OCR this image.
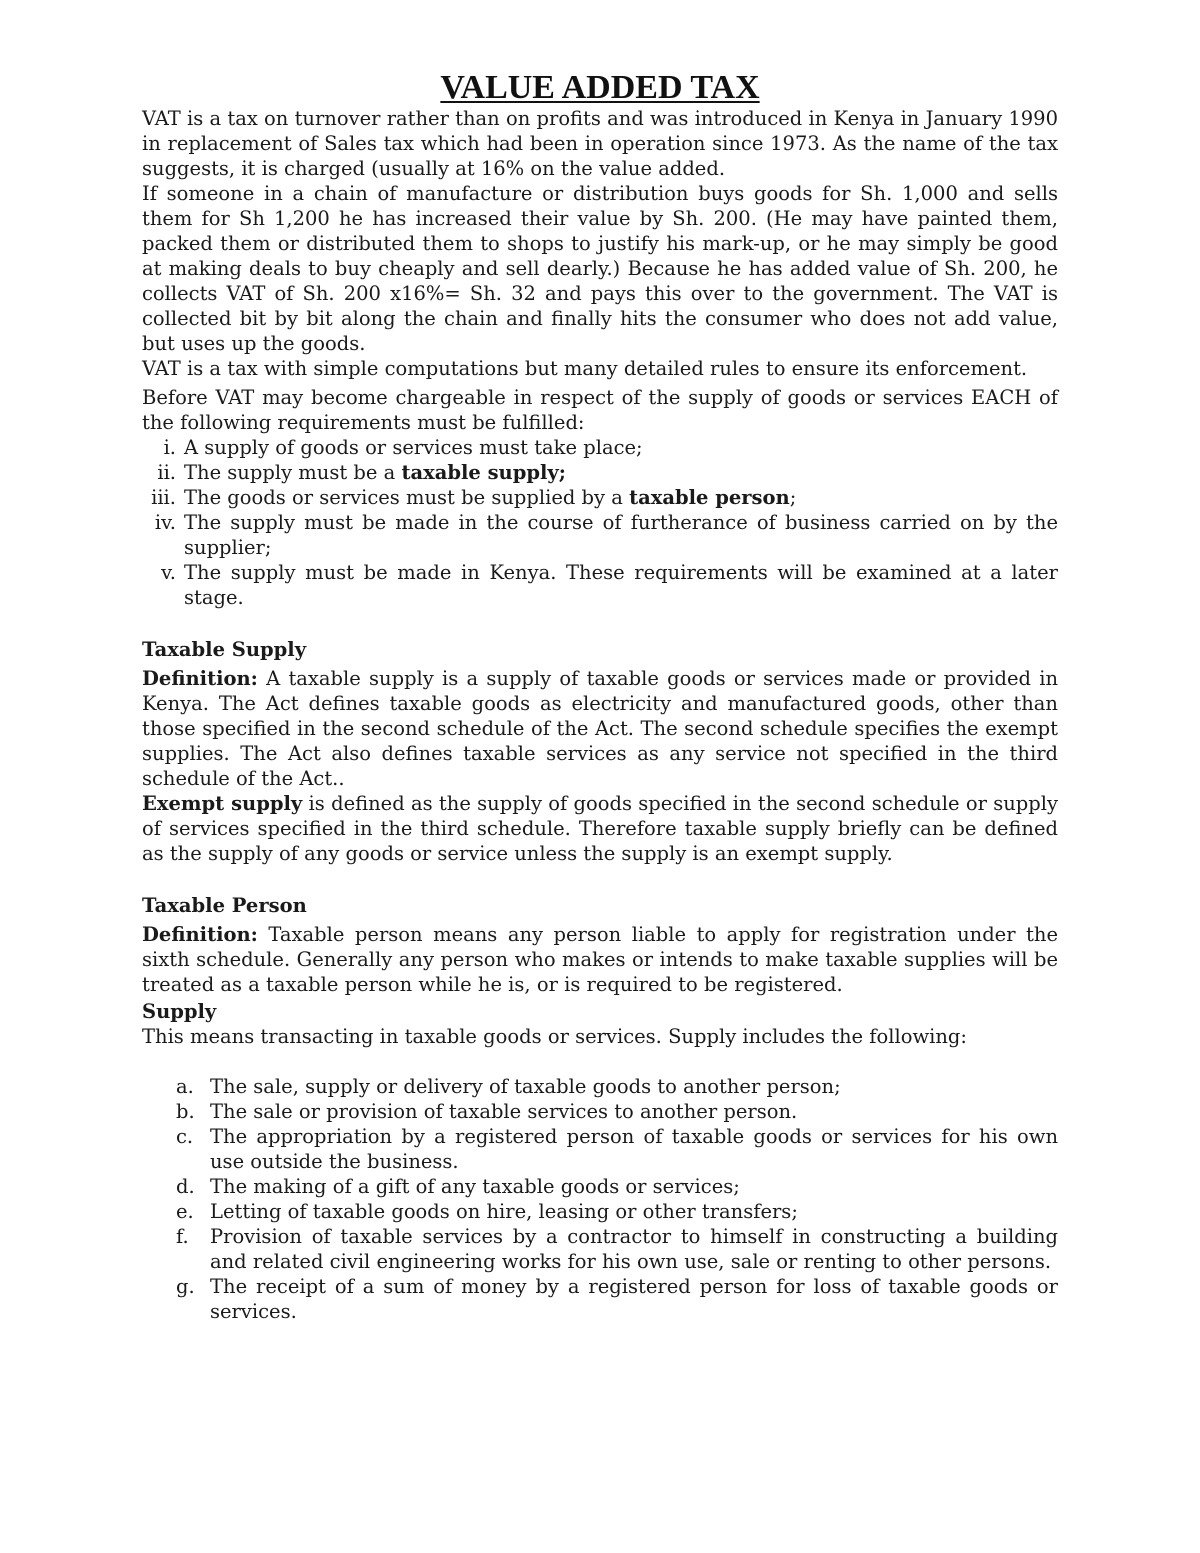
VALUE ADDED TAX

VAT is a tax on turnover rather than on profits and was introduced in Kenya in January 1990 in replacement of Sales tax which had been in operation since 1973. As the name of the tax suggests, it is charged (usually at 16% on the value added.

If someone in a chain of manufacture or distribution buys goods for Sh. 1,000 and sells them for Sh 1,200 he has increased their value by Sh. 200. (He may have painted them, packed them or distributed them to shops to justify his mark-up, or he may simply be good at making deals to buy cheaply and sell dearly.) Because he has added value of Sh. 200, he collects VAT of Sh. 200 x16%= Sh. 32 and pays this over to the government. The VAT is collected bit by bit along the chain and finally hits the consumer who does not add value, but uses up the goods.

VAT is a tax with simple computations but many detailed rules to ensure its enforcement.

Before VAT may become chargeable in respect of the supply of goods or services EACH of the following requirements must be fulfilled:

i. A supply of goods or services must take place;
ii. The supply must be a taxable supply;
iii. The goods or services must be supplied by a taxable person;
iv. The supply must be made in the course of furtherance of business carried on by the supplier;
v. The supply must be made in Kenya. These requirements will be examined at a later stage.
Taxable Supply

Definition: A taxable supply is a supply of taxable goods or services made or provided in Kenya. The Act defines taxable goods as electricity and manufactured goods, other than those specified in the second schedule of the Act. The second schedule specifies the exempt supplies. The Act also defines taxable services as any service not specified in the third schedule of the Act..

Exempt supply is defined as the supply of goods specified in the second schedule or supply of services specified in the third schedule. Therefore taxable supply briefly can be defined as the supply of any goods or service unless the supply is an exempt supply.

Taxable Person

Definition: Taxable person means any person liable to apply for registration under the sixth schedule. Generally any person who makes or intends to make taxable supplies will be treated as a taxable person while he is, or is required to be registered.

Supply

This means transacting in taxable goods or services. Supply includes the following:

a. The sale, supply or delivery of taxable goods to another person;
b. The sale or provision of taxable services to another person.
c. The appropriation by a registered person of taxable goods or services for his own use outside the business.
d. The making of a gift of any taxable goods or services;
e. Letting of taxable goods on hire, leasing or other transfers;
f.	Provision of taxable services by a contractor to himself in constructing a building and related civil engineering works for his own use, sale or renting to other persons.
g. The receipt of a sum of money by a registered person for loss of taxable goods or services.
